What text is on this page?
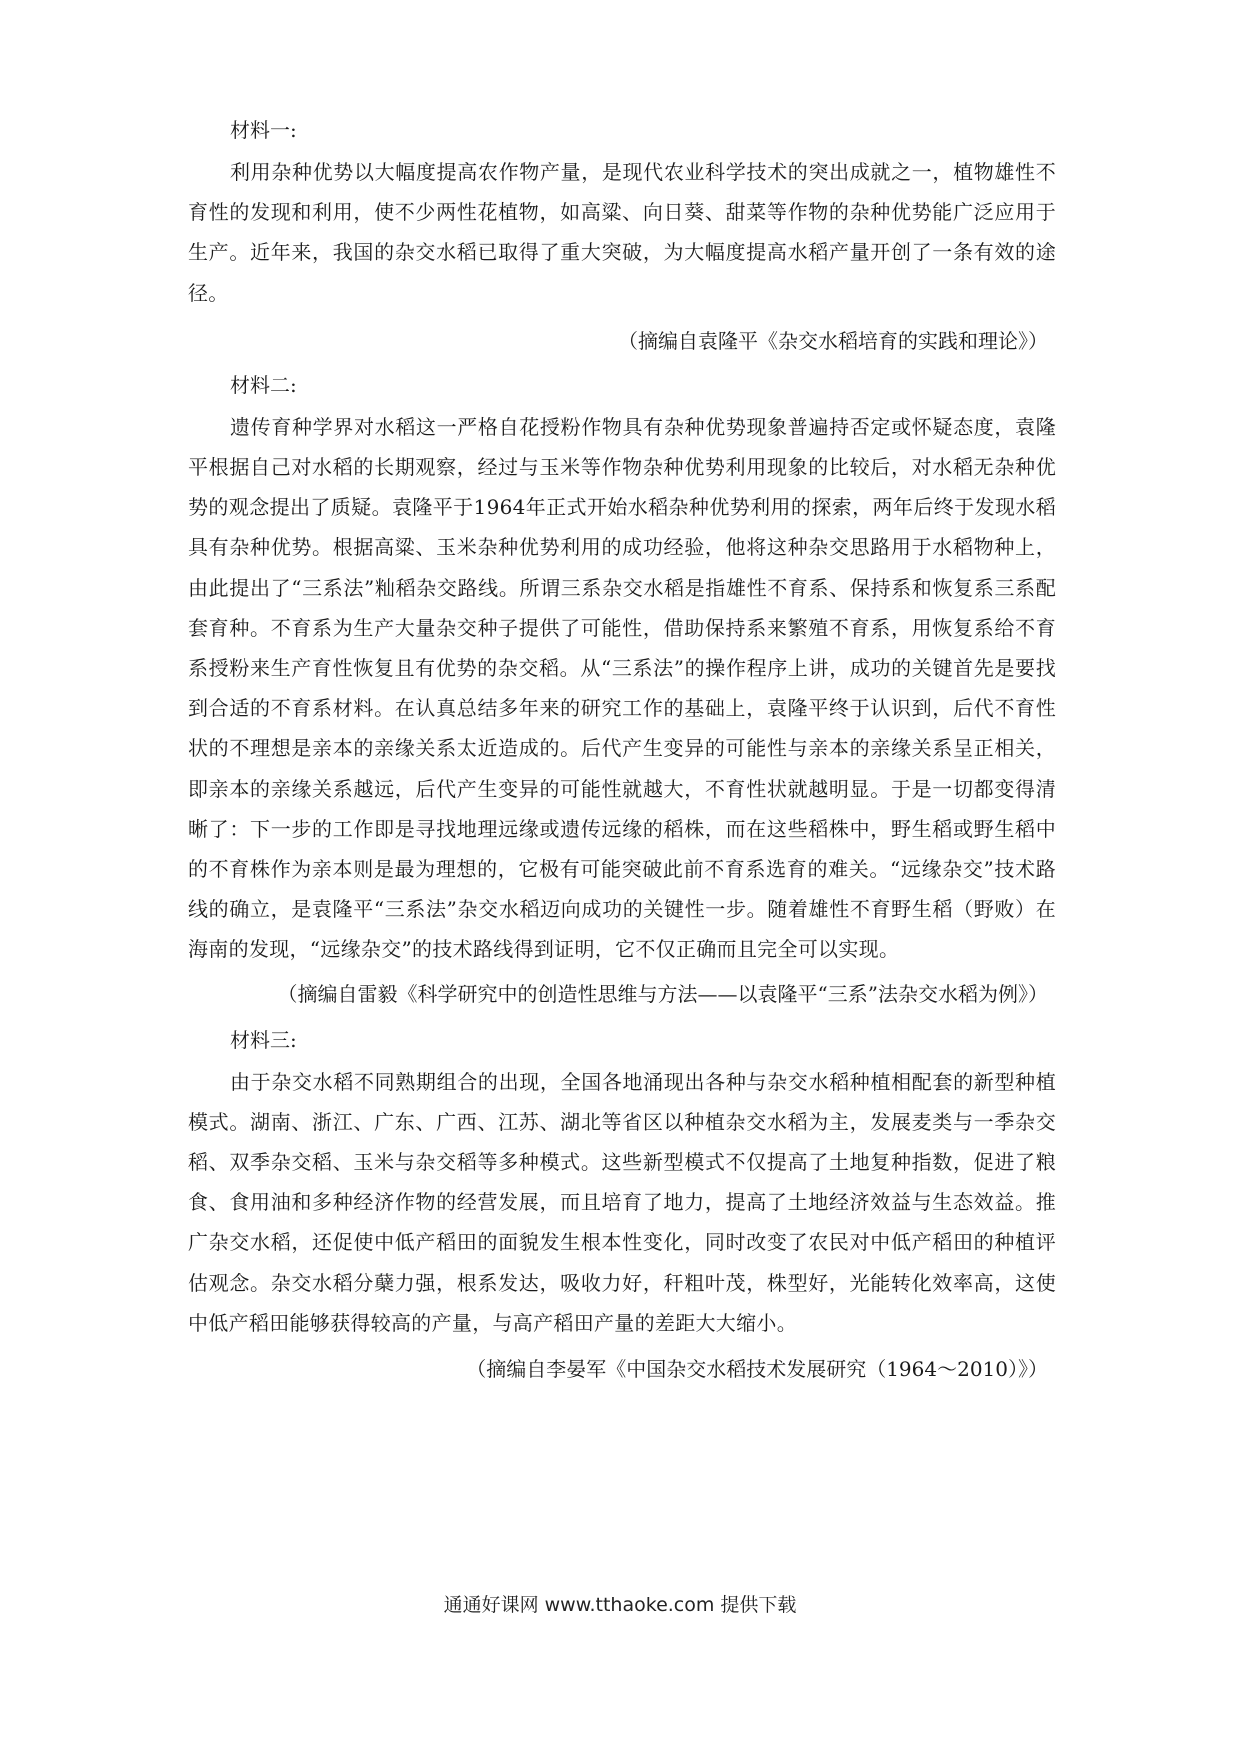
材料一:

利用杂种优势以大幅度提高农作物产量，是现代农业科学技术的突出成就之一，植物雄性不育性的发现和利用，使不少两性花植物，如高粱、向日葵、甜菜等作物的杂种优势能广泛应用于生产。近年来，我国的杂交水稻已取得了重大突破，为大幅度提高水稻产量开创了一条有效的途径。

（摘编自袁隆平《杂交水稻培育的实践和理论》）

材料二:

遗传育种学界对水稻这一严格自花授粉作物具有杂种优势现象普遍持否定或怀疑态度，袁隆平根据自己对水稻的长期观察，经过与玉米等作物杂种优势利用现象的比较后，对水稻无杂种优势的观念提出了质疑。袁隆平于1964年正式开始水稻杂种优势利用的探索，两年后终于发现水稻具有杂种优势。根据高粱、玉米杂种优势利用的成功经验，他将这种杂交思路用于水稻物种上，由此提出了“三系法”籼稻杂交路线。所谓三系杂交水稻是指雄性不育系、保持系和恢复系三系配套育种。不育系为生产大量杂交种子提供了可能性，借助保持系来繁殖不育系，用恢复系给不育系授粉来生产育性恢复且有优势的杂交稻。从“三系法”的操作程序上讲，成功的关键首先是要找到合适的不育系材料。在认真总结多年来的研究工作的基础上，袁隆平终于认识到，后代不育性状的不理想是亲本的亲缘关系太近造成的。后代产生变异的可能性与亲本的亲缘关系呈正相关，即亲本的亲缘关系越远，后代产生变异的可能性就越大，不育性状就越明显。于是一切都变得清晰了：下一步的工作即是寻找地理远缘或遗传远缘的稻株，而在这些稻株中，野生稻或野生稻中的不育株作为亲本则是最为理想的，它极有可能突破此前不育系选育的难关。“远缘杂交”技术路线的确立，是袁隆平“三系法”杂交水稻迈向成功的关键性一步。随着雄性不育野生稻（野败）在海南的发现，“远缘杂交”的技术路线得到证明，它不仅正确而且完全可以实现。

（摘编自雷毅《科学研究中的创造性思维与方法——以袁隆平“三系”法杂交水稻为例》）

材料三:

由于杂交水稻不同熟期组合的出现，全国各地涌现出各种与杂交水稻种植相配套的新型种植模式。湖南、浙江、广东、广西、江苏、湖北等省区以种植杂交水稻为主，发展麦类与一季杂交稻、双季杂交稻、玉米与杂交稻等多种模式。这些新型模式不仅提高了土地复种指数，促进了粮食、食用油和多种经济作物的经营发展，而且培育了地力，提高了土地经济效益与生态效益。推广杂交水稻，还促使中低产稻田的面貌发生根本性变化，同时改变了农民对中低产稻田的种植评估观念。杂交水稻分蘖力强，根系发达，吸收力好，秆粗叶茂，株型好，光能转化效率高，这使中低产稻田能够获得较高的产量，与高产稻田产量的差距大大缩小。

（摘编自李晏军《中国杂交水稻技术发展研究（1964～2010）》）

通通好课网 www.tthaoke.com 提供下载
